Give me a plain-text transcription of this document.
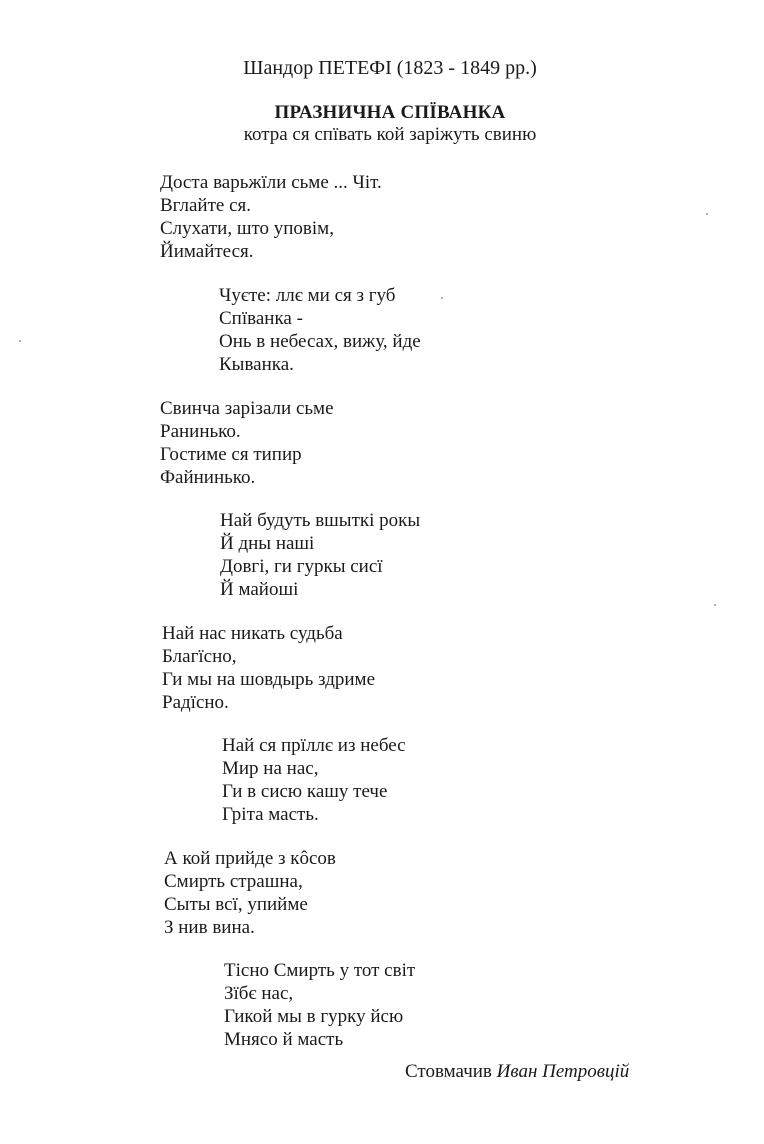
Шандор ПЕТЕФІ (1823 - 1849 рр.)
ПРАЗНИЧНА СПЇВАНКА
котра ся спївать кой заріжуть свиню
Доста варьжїли сьме ... Чіт.
Вглайте ся.
Слухати, што уповім,
Йимайтеся.
Чуєте: ллє ми ся з губ
Спїванка -
Онь в небесах, вижу, йде
Кыванка.
Свинча зарізали сьме
Ранинько.
Гостиме ся типир
Файнинько.
Най будуть вшыткі рокы
Й дны наші
Довгі, ги гуркы сисї
Й майоші
Най нас никать судьба
Благїсно,
Ги мы на шовдырь здриме
Радїсно.
Най ся прїллє из небес
Мир на нас,
Ги в сисю кашу тече
Гріта масть.
А кой прийде з кôсов
Смирть страшна,
Сыты всї, упийме
З нив вина.
Тісно Смирть у тот світ
Зїбє нас,
Гикой мы в гурку йсю
Мнясо й масть
Стовмачив Иван Петровцій
